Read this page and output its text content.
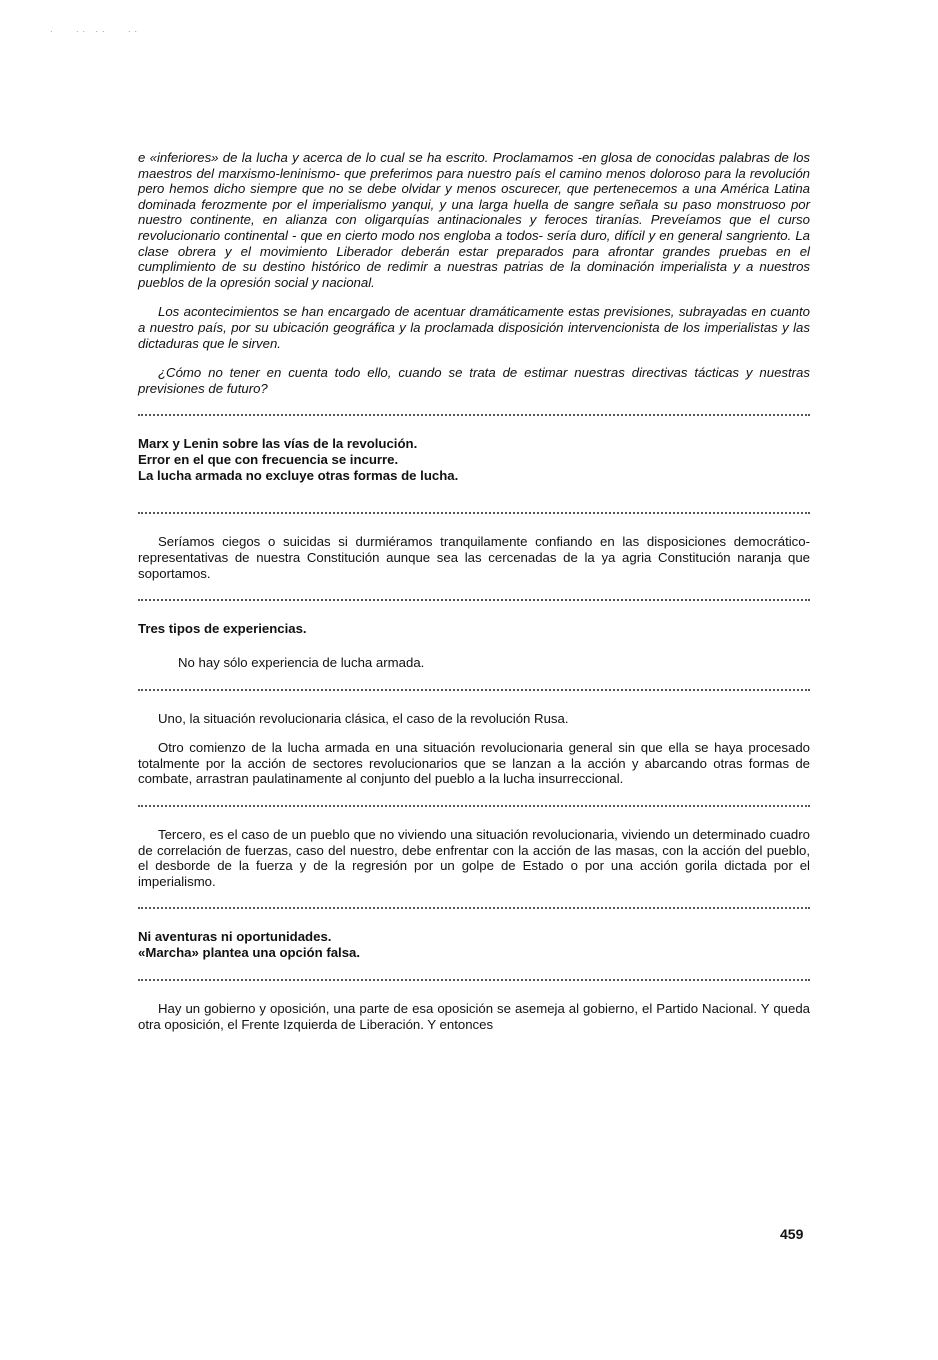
.   .. ..   ..

e «inferiores» de la lucha y acerca de lo cual se ha escrito. Proclamamos -en glosa de conocidas palabras de los maestros del marxismo-leninismo- que preferimos para nuestro país el camino menos doloroso para la revolución pero hemos dicho siempre que no se debe olvidar y menos oscurecer, que pertenecemos a una América Latina dominada ferozmente por el imperialismo yanqui, y una larga huella de sangre señala su paso monstruoso por nuestro continente, en alianza con oligarquías antinacionales y feroces tiranías. Preveíamos que el curso revolucionario continental - que en cierto modo nos engloba a todos- sería duro, difícil y en general sangriento. La clase obrera y el movimiento Liberador deberán estar preparados para afrontar grandes pruebas en el cumplimiento de su destino histórico de redimir a nuestras patrias de la dominación imperialista y a nuestros pueblos de la opresión social y nacional.

Los acontecimientos se han encargado de acentuar dramáticamente estas previsiones, subrayadas en cuanto a nuestro país, por su ubicación geográfica y la proclamada disposición intervencionista de los imperialistas y las dictaduras que le sirven.

¿Cómo no tener en cuenta todo ello, cuando se trata de estimar nuestras directivas tácticas y nuestras previsiones de futuro?

Marx y Lenin sobre las vías de la revolución.
Error en el que con frecuencia se incurre.
La lucha armada no excluye otras formas de lucha.

Seríamos ciegos o suicidas si durmiéramos tranquilamente confiando en las disposiciones democrático-representativas de nuestra Constitución aunque sea las cercenadas de la ya agria Constitución naranja que soportamos.

Tres tipos de experiencias.

No hay sólo experiencia de lucha armada.

Uno, la situación revolucionaria clásica, el caso de la revolución Rusa.

Otro comienzo de la lucha armada en una situación revolucionaria general sin que ella se haya procesado totalmente por la acción de sectores revolucionarios que se lanzan a la acción y abarcando otras formas de combate, arrastran paulatinamente al conjunto del pueblo a la lucha insurreccional.

Tercero, es el caso de un pueblo que no viviendo una situación revolucionaria, viviendo un determinado cuadro de correlación de fuerzas, caso del nuestro, debe enfrentar con la acción de las masas, con la acción del pueblo, el desborde de la fuerza y de la regresión por un golpe de Estado o por una acción gorila dictada por el imperialismo.

Ni aventuras ni oportunidades.
«Marcha» plantea una opción falsa.

Hay un gobierno y oposición, una parte de esa oposición se asemeja al gobierno, el Partido Nacional. Y queda otra oposición, el Frente Izquierda de Liberación. Y entonces

459
